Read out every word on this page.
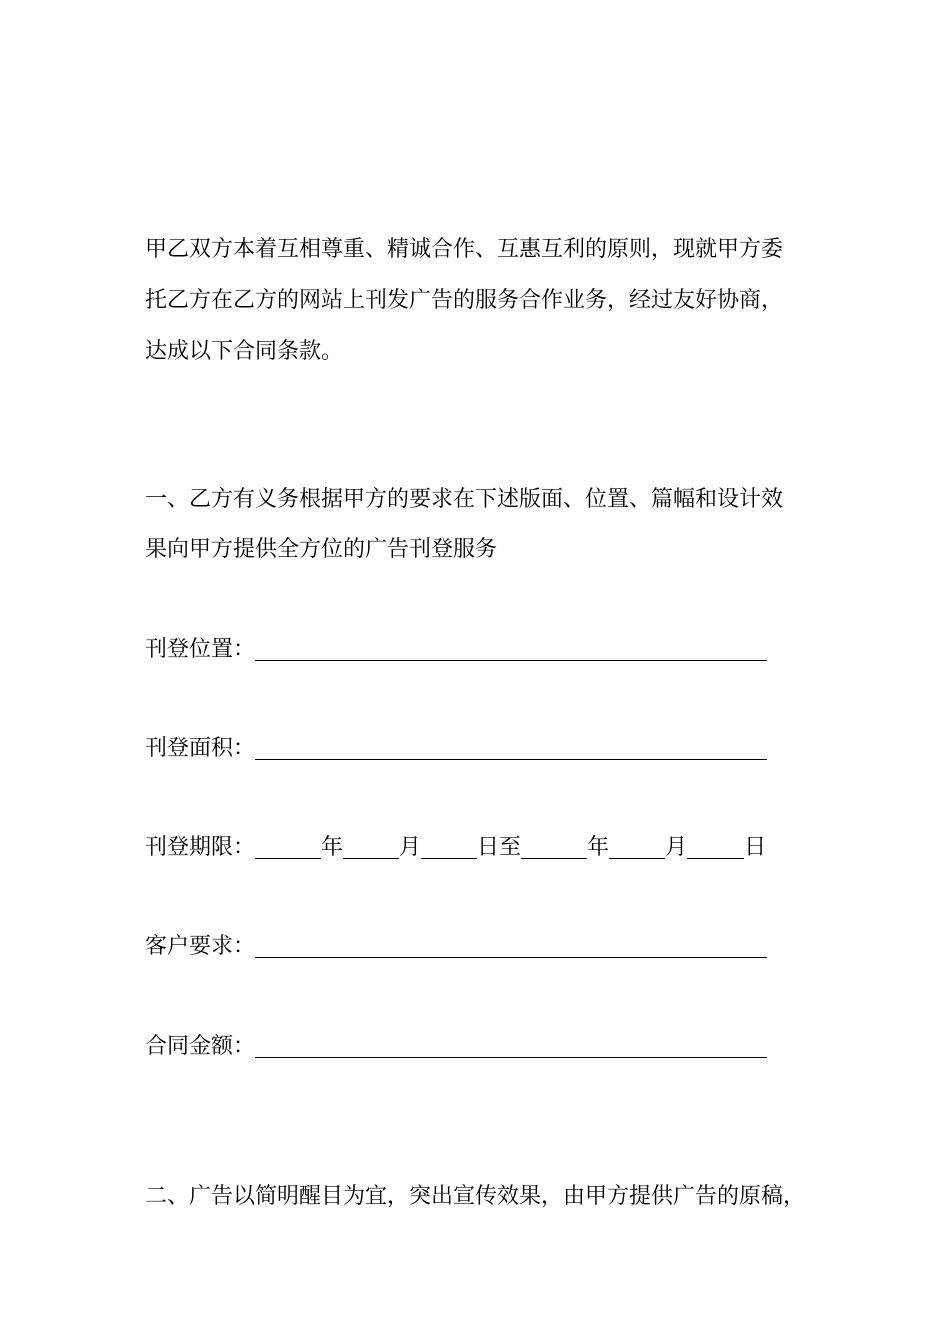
甲乙双方本着互相尊重、精诚合作、互惠互利的原则，现就甲方委
托乙方在乙方的网站上刊发广告的服务合作业务，经过友好协商，
达成以下合同条款。
一、乙方有义务根据甲方的要求在下述版面、位置、篇幅和设计效
果向甲方提供全方位的广告刊登服务
刊登位置：
刊登面积：
刊登期限：	年	月	日至	年	月	日
客户要求：
合同金额：
二、广告以简明醒目为宜，突出宣传效果，由甲方提供广告的原稿，
